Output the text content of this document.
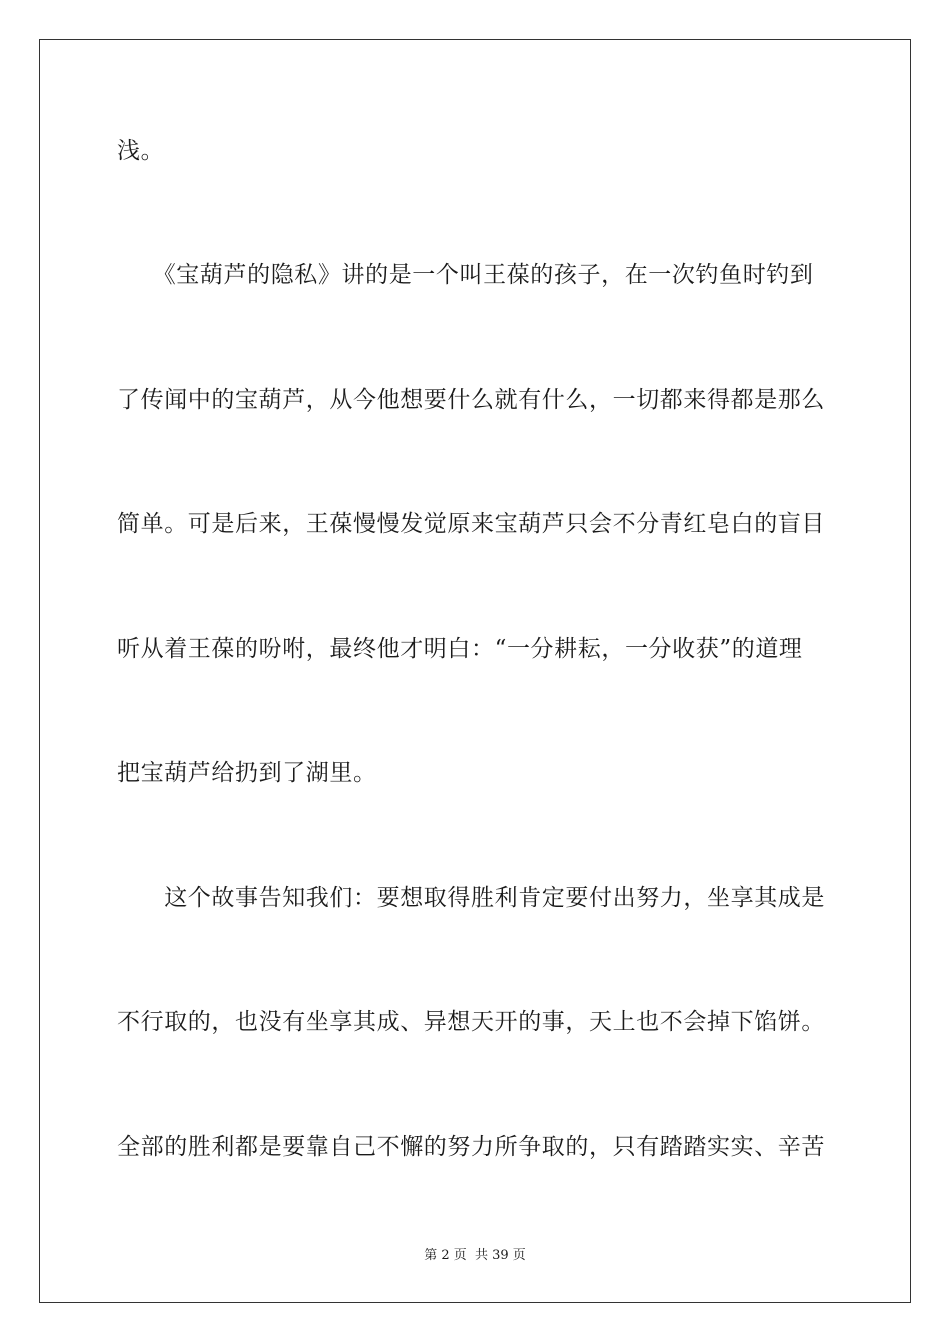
浅。
　　《宝葫芦的隐私》讲的是一个叫王葆的孩子，在一次钓鱼时钓到
了传闻中的宝葫芦，从今他想要什么就有什么，一切都来得都是那么
简单。可是后来，王葆慢慢发觉原来宝葫芦只会不分青红皂白的盲目
听从着王葆的吩咐，最终他才明白：“一分耕耘，一分收获”的道理
把宝葫芦给扔到了湖里。
　　这个故事告知我们：要想取得胜利肯定要付出努力，坐享其成是
不行取的，也没有坐享其成、异想天开的事，天上也不会掉下馅饼。
全部的胜利都是要靠自己不懈的努力所争取的，只有踏踏实实、辛苦
第 2 页 共 39 页
